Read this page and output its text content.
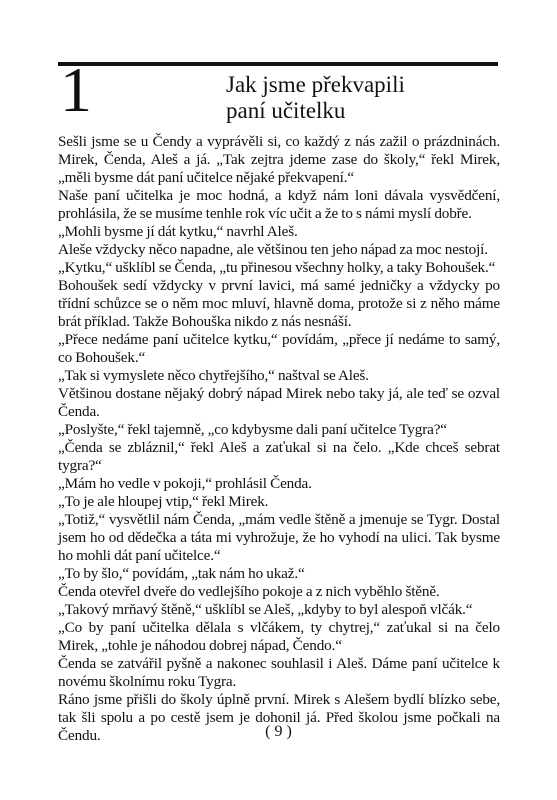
1	Jak jsme překvapili
paní učitelku

Sešli jsme se u Čendy a vyprávěli si, co každý z nás zažil o prázdninách. Mirek, Čenda, Aleš a já. „Tak zejtra jdeme zase do školy,“ řekl Mirek, „měli bysme dát paní učitelce nějaké překvapení.“

Naše paní učitelka je moc hodná, a když nám loni dávala vysvědčení, prohlásila, že se musíme tenhle rok víc učit a že to s námi myslí dobře.

„Mohli bysme jí dát kytku,“ navrhl Aleš.

Aleše vždycky něco napadne, ale většinou ten jeho nápad za moc nestojí.

„Kytku,“ ušklíbl se Čenda, „tu přinesou všechny holky, a taky Bohoušek.“

Bohoušek sedí vždycky v první lavici, má samé jedničky a vždycky po třídní schůzce se o něm moc mluví, hlavně doma, protože si z něho máme brát příklad. Takže Bohouška nikdo z nás nesnáší.

„Přece nedáme paní učitelce kytku,“ povídám, „přece jí nedáme to samý, co Bohoušek.“

„Tak si vymyslete něco chytřejšího,“ naštval se Aleš.

Většinou dostane nějaký dobrý nápad Mirek nebo taky já, ale teď se ozval Čenda.

„Poslyšte,“ řekl tajemně, „co kdybysme dali paní učitelce Tygra?“

„Čenda se zbláznil,“ řekl Aleš a zaťukal si na čelo. „Kde chceš sebrat tygra?“

„Mám ho vedle v pokoji,“ prohlásil Čenda.

„To je ale hloupej vtip,“ řekl Mirek.

„Totiž,“ vysvětlil nám Čenda, „mám vedle štěně a jmenuje se Tygr. Dostal jsem ho od dědečka a táta mi vyhrožuje, že ho vyhodí na ulici. Tak bysme ho mohli dát paní učitelce.“

„To by šlo,“ povídám, „tak nám ho ukaž.“

Čenda otevřel dveře do vedlejšího pokoje a z nich vyběhlo štěně.

„Takový mrňavý štěně,“ ušklíbl se Aleš, „kdyby to byl alespoň vlčák.“

„Co by paní učitelka dělala s vlčákem, ty chytrej,“ zaťukal si na čelo Mirek, „tohle je náhodou dobrej nápad, Čendo.“

Čenda se zatvářil pyšně a nakonec souhlasil i Aleš. Dáme paní učitelce k novému školnímu roku Tygra.

Ráno jsme přišli do školy úplně první. Mirek s Alešem bydlí blízko sebe, tak šli spolu a po cestě jsem je dohonil já. Před školou jsme počkali na Čendu.	( 9 )
